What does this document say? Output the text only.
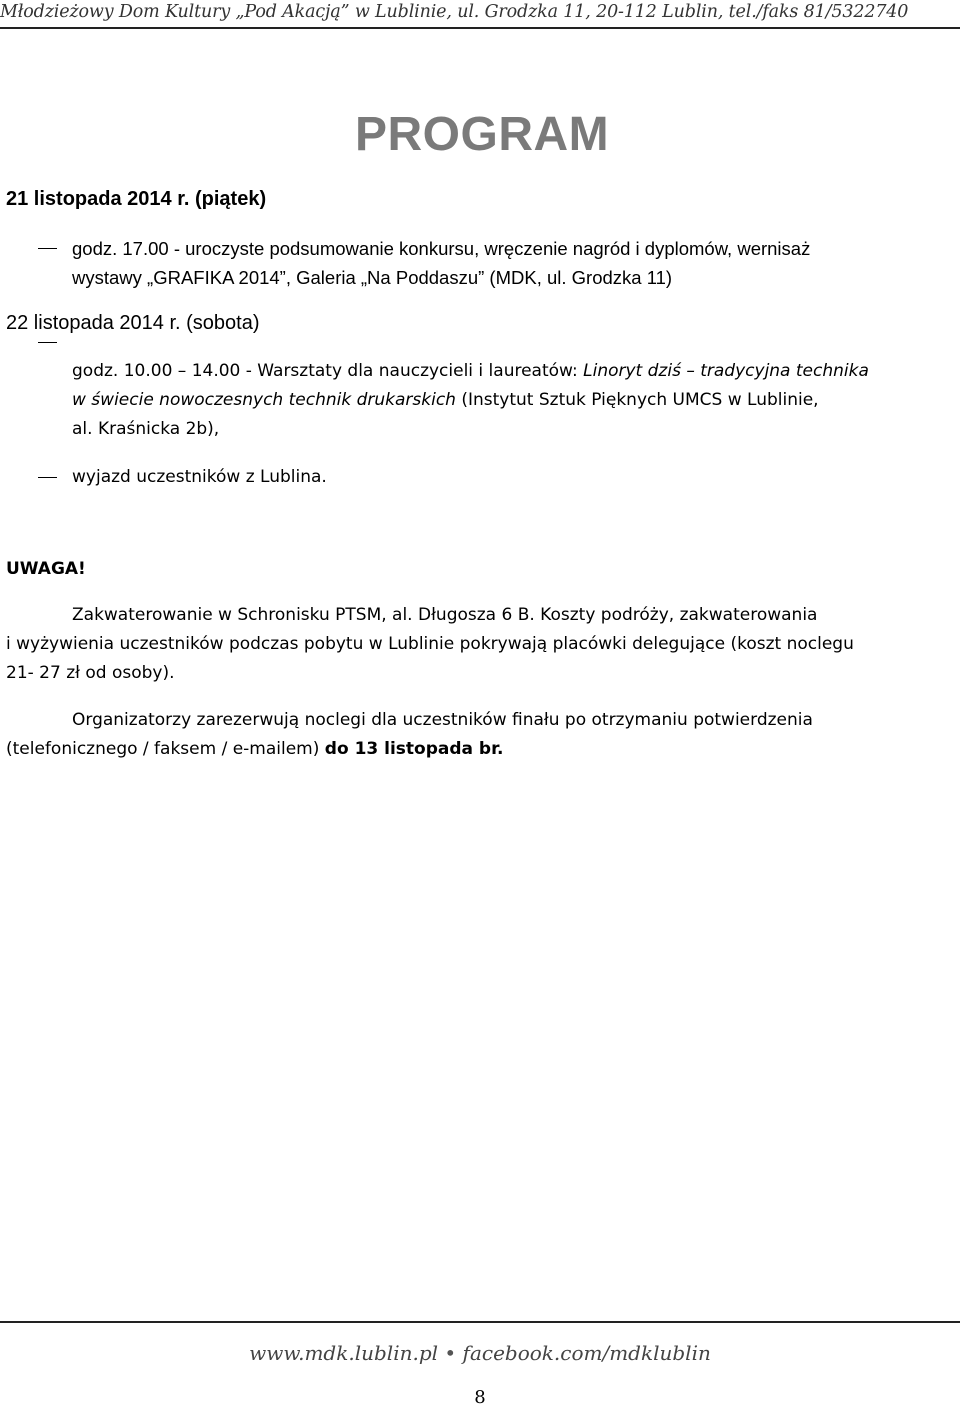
Młodzieżowy Dom Kultury „Pod Akacją” w Lublinie, ul. Grodzka 11, 20-112 Lublin, tel./faks 81/5322740
PROGRAM
21 listopada 2014 r. (piątek)
godz. 17.00 - uroczyste podsumowanie konkursu, wręczenie nagród i dyplomów, wernisaż
wystawy „GRAFIKA 2014”, Galeria „Na Poddaszu” (MDK, ul. Grodzka 11)
22 listopada 2014 r. (sobota)
godz. 10.00 – 14.00 - Warsztaty dla nauczycieli i laureatów: Linoryt dziś – tradycyjna technika
w świecie nowoczesnych technik drukarskich (Instytut Sztuk Pięknych UMCS w Lublinie,
al. Kraśnicka 2b),
wyjazd uczestników z Lublina.
UWAGA!
Zakwaterowanie w Schronisku PTSM, al. Długosza 6 B. Koszty podróży, zakwaterowania
i wyżywienia uczestników podczas pobytu w Lublinie pokrywają placówki delegujące (koszt noclegu
21- 27 zł od osoby).
Organizatorzy zarezerwują noclegi dla uczestników finału po otrzymaniu potwierdzenia
(telefonicznego / faksem / e-mailem) do 13 listopada br.
www.mdk.lublin.pl • facebook.com/mdklublin
8
